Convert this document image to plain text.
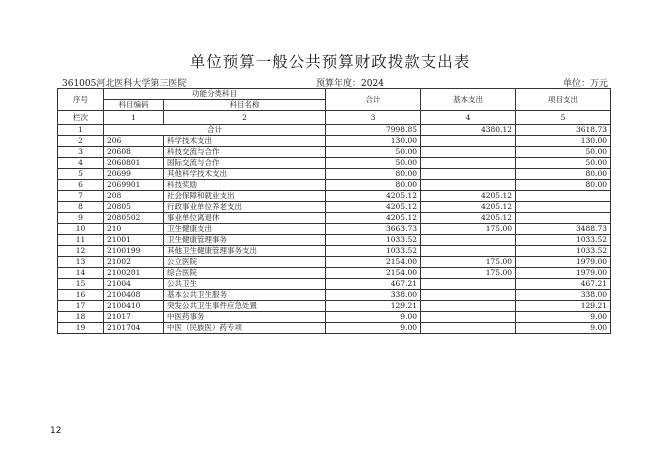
单位预算一般公共预算财政拨款支出表
361005河北医科大学第三医院	预算年度：2024	单位：万元
序号	功能分类科目		合计	基本支出	项目支出
	科目编码	科目名称			
栏次	1	2	3	4	5
1	合计		7998.85	4380.12	3618.73
2	206	科学技术支出	130.00		130.00
3	20608	科技交流与合作	50.00		50.00
4	2060801	国际交流与合作	50.00		50.00
5	20699	其他科学技术支出	80.00		80.00
6	2069901	科技奖励	80.00		80.00
7	208	社会保障和就业支出	4205.12	4205.12	
8	20805	行政事业单位养老支出	4205.12	4205.12	
9	2080502	事业单位离退休	4205.12	4205.12	
10	210	卫生健康支出	3663.73	175.00	3488.73
11	21001	卫生健康管理事务	1033.52		1033.52
12	2100199	其他卫生健康管理事务支出	1033.52		1033.52
13	21002	公立医院	2154.00	175.00	1979.00
14	2100201	综合医院	2154.00	175.00	1979.00
15	21004	公共卫生	467.21		467.21
16	2100408	基本公共卫生服务	338.00		338.00
17	2100410	突发公共卫生事件应急处置	129.21		129.21
18	21017	中医药事务	9.00		9.00
19	2101704	中医（民族医）药专项	9.00		9.00
12
